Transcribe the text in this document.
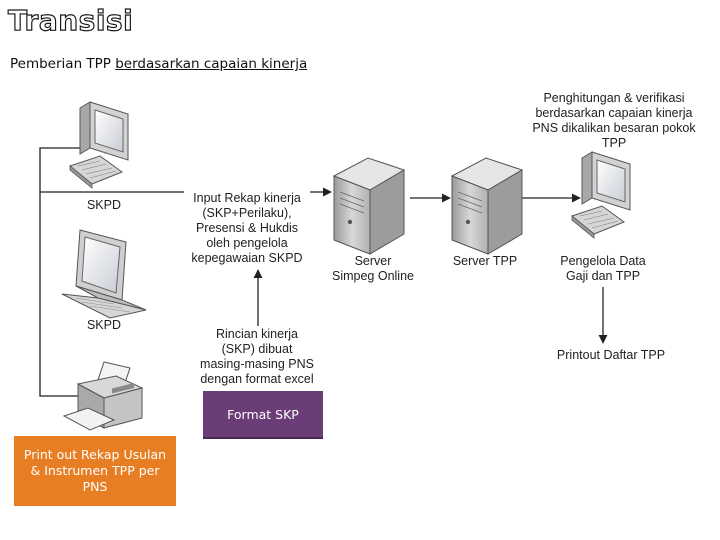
Transisi
Pemberian TPP berdasarkan capaian kinerja
SKPD
SKPD
Server
Simpeg Online
Server TPP	Pengelola Data
Gaji dan TPP
Input Rekap kinerja
(SKP+Perilaku),
Presensi & Hukdis
oleh pengelola
kepegawaian SKPD
Rincian kinerja
(SKP) dibuat
masing-masing PNS
dengan format excel
Penghitungan & verifikasi
berdasarkan capaian kinerja
PNS dikalikan besaran pokok
TPP
Printout Daftar TPP
Format SKP
Print out Rekap Usulan & Instrumen TPP per PNS
